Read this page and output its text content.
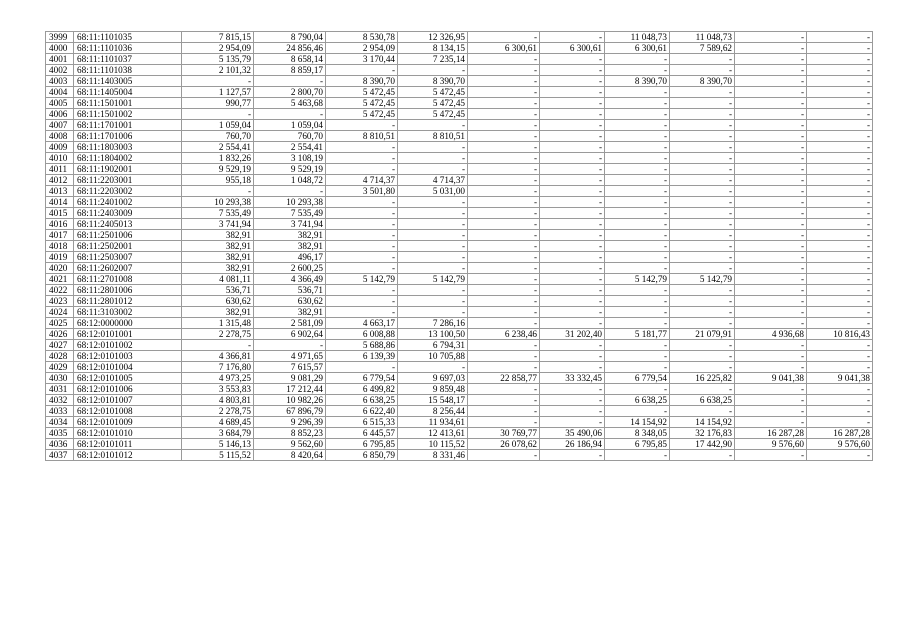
3999	68:11:1101035	7 815,15	8 790,04	8 530,78	12 326,95	-	-	11 048,73	11 048,73	-	-
4000	68:11:1101036	2 954,09	24 856,46	2 954,09	8 134,15	6 300,61	6 300,61	6 300,61	7 589,62	-	-
4001	68:11:1101037	5 135,79	8 658,14	3 170,44	7 235,14	-	-	-	-	-	-
4002	68:11:1101038	2 101,32	8 859,17	-	-	-	-	-	-	-	-
4003	68:11:1403005	-	-	8 390,70	8 390,70	-	-	8 390,70	8 390,70	-	-
4004	68:11:1405004	1 127,57	2 800,70	5 472,45	5 472,45	-	-	-	-	-	-
4005	68:11:1501001	990,77	5 463,68	5 472,45	5 472,45	-	-	-	-	-	-
4006	68:11:1501002	-	-	5 472,45	5 472,45	-	-	-	-	-	-
4007	68:11:1701001	1 059,04	1 059,04	-	-	-	-	-	-	-	-
4008	68:11:1701006	760,70	760,70	8 810,51	8 810,51	-	-	-	-	-	-
4009	68:11:1803003	2 554,41	2 554,41	-	-	-	-	-	-	-	-
4010	68:11:1804002	1 832,26	3 108,19	-	-	-	-	-	-	-	-
4011	68:11:1902001	9 529,19	9 529,19	-	-	-	-	-	-	-	-
4012	68:11:2203001	955,18	1 048,72	4 714,37	4 714,37	-	-	-	-	-	-
4013	68:11:2203002	-	-	3 501,80	5 031,00	-	-	-	-	-	-
4014	68:11:2401002	10 293,38	10 293,38	-	-	-	-	-	-	-	-
4015	68:11:2403009	7 535,49	7 535,49	-	-	-	-	-	-	-	-
4016	68:11:2405013	3 741,94	3 741,94	-	-	-	-	-	-	-	-
4017	68:11:2501006	382,91	382,91	-	-	-	-	-	-	-	-
4018	68:11:2502001	382,91	382,91	-	-	-	-	-	-	-	-
4019	68:11:2503007	382,91	496,17	-	-	-	-	-	-	-	-
4020	68:11:2602007	382,91	2 600,25	-	-	-	-	-	-	-	-
4021	68:11:2701008	4 081,11	4 366,49	5 142,79	5 142,79	-	-	5 142,79	5 142,79	-	-
4022	68:11:2801006	536,71	536,71	-	-	-	-	-	-	-	-
4023	68:11:2801012	630,62	630,62	-	-	-	-	-	-	-	-
4024	68:11:3103002	382,91	382,91	-	-	-	-	-	-	-	-
4025	68:12:0000000	1 315,48	2 581,09	4 663,17	7 286,16	-	-	-	-	-	-
4026	68:12:0101001	2 278,75	6 902,64	6 008,88	13 100,50	6 238,46	31 202,40	5 181,77	21 079,91	4 936,68	10 816,43
4027	68:12:0101002	-	-	5 688,86	6 794,31	-	-	-	-	-	-
4028	68:12:0101003	4 366,81	4 971,65	6 139,39	10 705,88	-	-	-	-	-	-
4029	68:12:0101004	7 176,80	7 615,57	-	-	-	-	-	-	-	-
4030	68:12:0101005	4 973,25	9 081,29	6 779,54	9 697,03	22 858,77	33 332,45	6 779,54	16 225,82	9 041,38	9 041,38
4031	68:12:0101006	3 553,83	17 212,44	6 499,82	9 859,48	-	-	-	-	-	-
4032	68:12:0101007	4 803,81	10 982,26	6 638,25	15 548,17	-	-	6 638,25	6 638,25	-	-
4033	68:12:0101008	2 278,75	67 896,79	6 622,40	8 256,44	-	-	-	-	-	-
4034	68:12:0101009	4 689,45	9 296,39	6 515,33	11 934,61	-	-	14 154,92	14 154,92	-	-
4035	68:12:0101010	3 684,79	8 852,23	6 445,57	12 413,61	30 769,77	35 490,06	8 348,05	32 176,83	16 287,28	16 287,28
4036	68:12:0101011	5 146,13	9 562,60	6 795,85	10 115,52	26 078,62	26 186,94	6 795,85	17 442,90	9 576,60	9 576,60
4037	68:12:0101012	5 115,52	8 420,64	6 850,79	8 331,46	-	-	-	-	-	-
